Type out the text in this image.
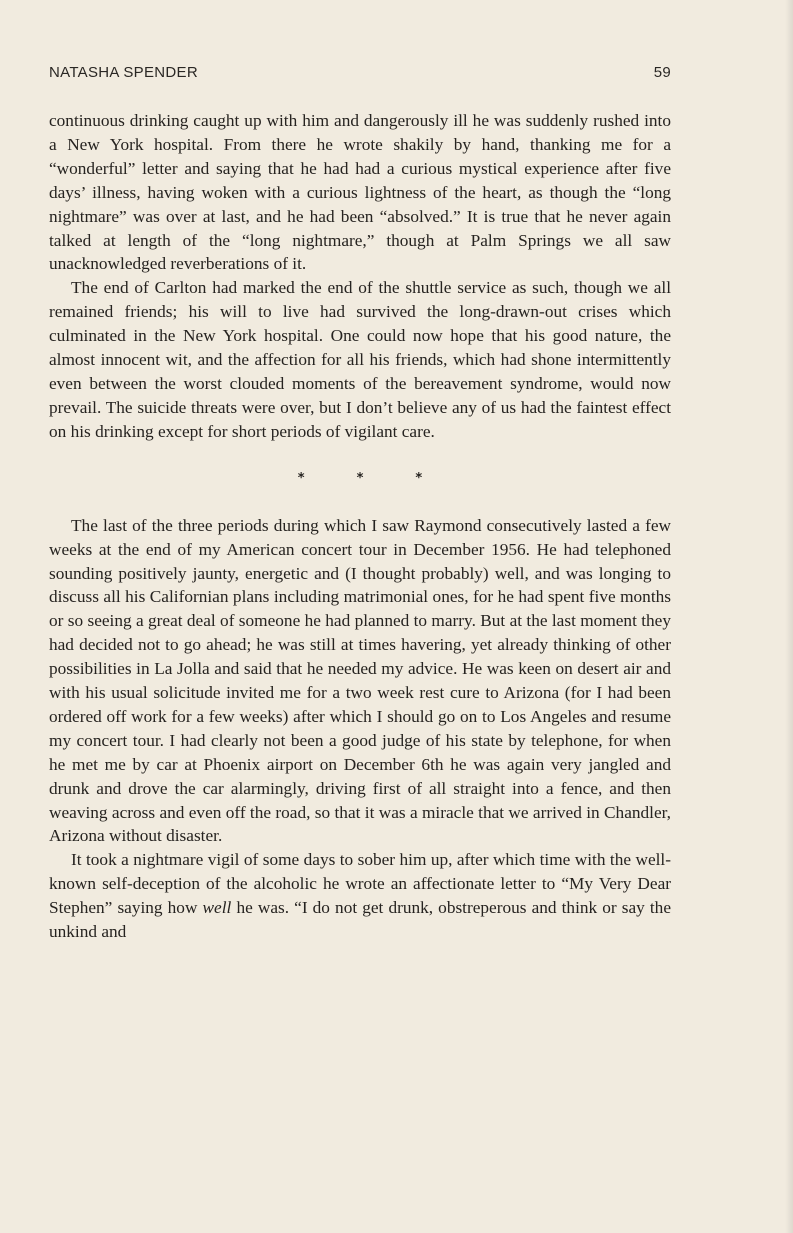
NATASHA SPENDER	59

continuous drinking caught up with him and dangerously ill he was suddenly rushed into a New York hospital. From there he wrote shakily by hand, thanking me for a “wonderful” letter and saying that he had had a curious mystical experience after five days’ illness, having woken with a curious lightness of the heart, as though the “long nightmare” was over at last, and he had been “absolved.” It is true that he never again talked at length of the “long nightmare,” though at Palm Springs we all saw unacknowledged reverberations of it.

The end of Carlton had marked the end of the shuttle service as such, though we all remained friends; his will to live had survived the long-drawn-out crises which culminated in the New York hospital. One could now hope that his good nature, the almost innocent wit, and the affection for all his friends, which had shone intermittently even between the worst clouded moments of the bereavement syndrome, would now prevail. The suicide threats were over, but I don’t believe any of us had the faintest effect on his drinking except for short periods of vigilant care.

*	*	*

The last of the three periods during which I saw Raymond consecutively lasted a few weeks at the end of my American concert tour in December 1956. He had telephoned sounding positively jaunty, energetic and (I thought probably) well, and was longing to discuss all his Californian plans including matrimonial ones, for he had spent five months or so seeing a great deal of someone he had planned to marry. But at the last moment they had decided not to go ahead; he was still at times havering, yet already thinking of other possibilities in La Jolla and said that he needed my advice. He was keen on desert air and with his usual solicitude invited me for a two week rest cure to Arizona (for I had been ordered off work for a few weeks) after which I should go on to Los Angeles and resume my concert tour. I had clearly not been a good judge of his state by telephone, for when he met me by car at Phoenix airport on December 6th he was again very jangled and drunk and drove the car alarmingly, driving first of all straight into a fence, and then weaving across and even off the road, so that it was a miracle that we arrived in Chandler, Arizona without disaster.

It took a nightmare vigil of some days to sober him up, after which time with the well-known self-deception of the alcoholic he wrote an affectionate letter to “My Very Dear Stephen” saying how well he was. “I do not get drunk, obstreperous and think or say the unkind and
